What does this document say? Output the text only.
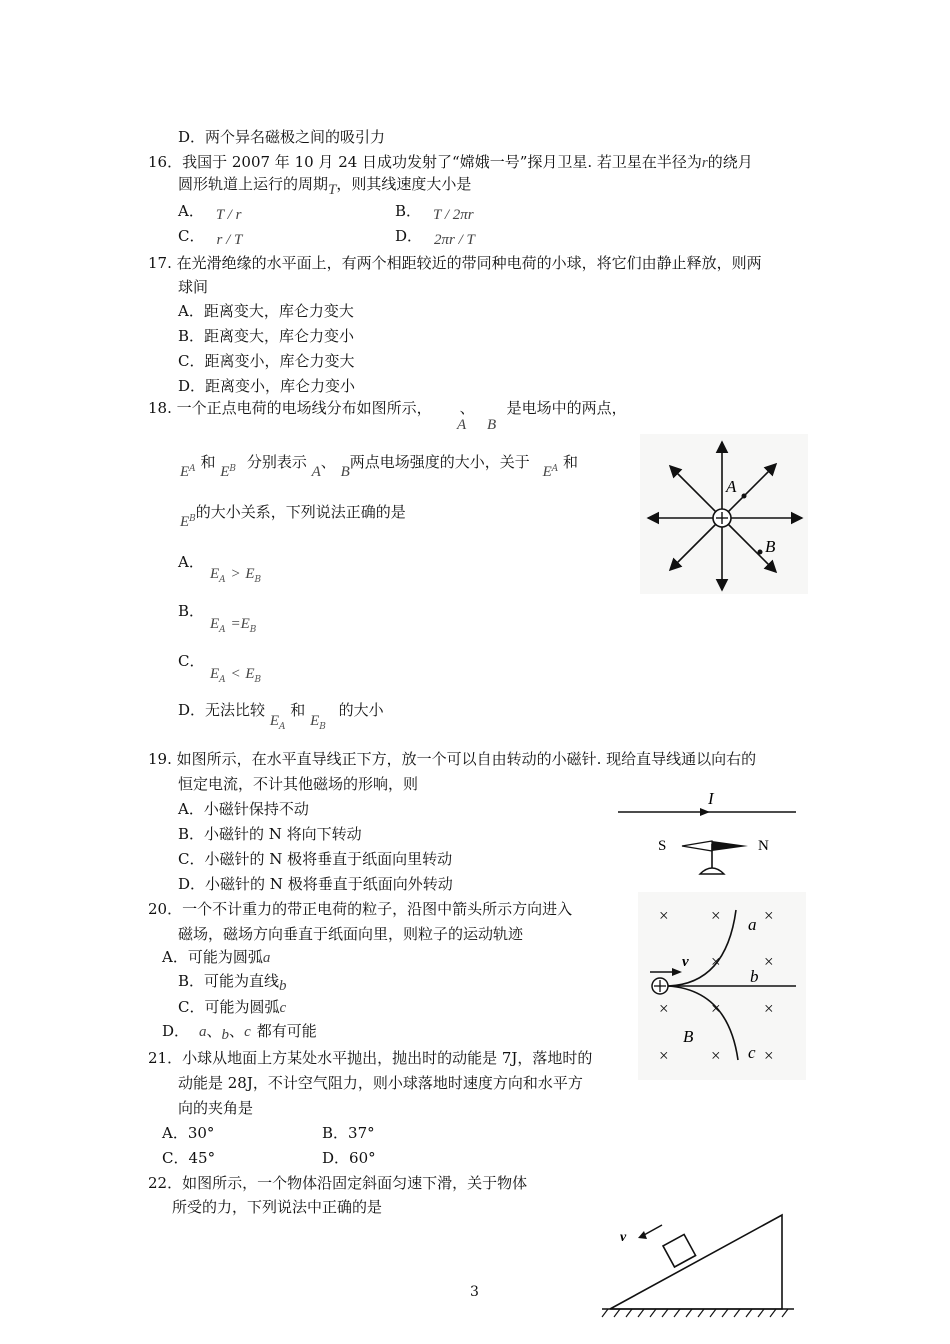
D．两个异名磁极之间的吸引力
16．我国于 2007 年 10 月 24 日成功发射了“嫦娥一号”探月卫星. 若卫星在半径为r的绕月
圆形轨道上运行的周期T，则其线速度大小是
A． T / r	B． T / 2πr
C． r / T	D． 2πr / T
17. 在光滑绝缘的水平面上，有两个相距较近的带同种电荷的小球，将它们由静止释放，则两
球间
A．距离变大，库仑力变大
B．距离变大，库仑力变小
C．距离变小，库仑力变大
D．距离变小，库仑力变小
18. 一个正点电荷的电场线分布如图所示， 、 是电场中的两点，
A B
$E_A$ 和 $E_B$ 分别表示 A、 B两点电场强度的大小，关于 $E_A$ 和
$E_B$的大小关系，下列说法正确的是
A．
$E_A > E_B$
B．
$E_A =E_B$
C．
$E_A < E_B$
D．无法比较 $E_A$ 和 $E_B$ 的大小
A
B
19. 如图所示，在水平直导线正下方，放一个可以自由转动的小磁针. 现给直导线通以向右的
恒定电流，不计其他磁场的形响，则
A．小磁针保持不动
B．小磁针的 N 将向下转动
C．小磁针的 N 极将垂直于纸面向里转动
D．小磁针的 N 极将垂直于纸面向外转动
I
S	N
20．一个不计重力的带正电荷的粒子，沿图中箭头所示方向进入
磁场，磁场方向垂直于纸面向里，则粒子的运动轨迹
A．可能为圆弧a
B．可能为直线b
C．可能为圆弧c
D． a、b、c 都有可能
× ×	×
×	×
× ×	×
× ×	×
v
a
b
c
B
21．小球从地面上方某处水平抛出，抛出时的动能是 7J，落地时的
动能是 28J，不计空气阻力，则小球落地时速度方向和水平方
向的夹角是
A．30°	B．37°
C．45°	D．60°
22．如图所示，一个物体沿固定斜面匀速下滑，关于物体
所受的力，下列说法中正确的是
v
3
